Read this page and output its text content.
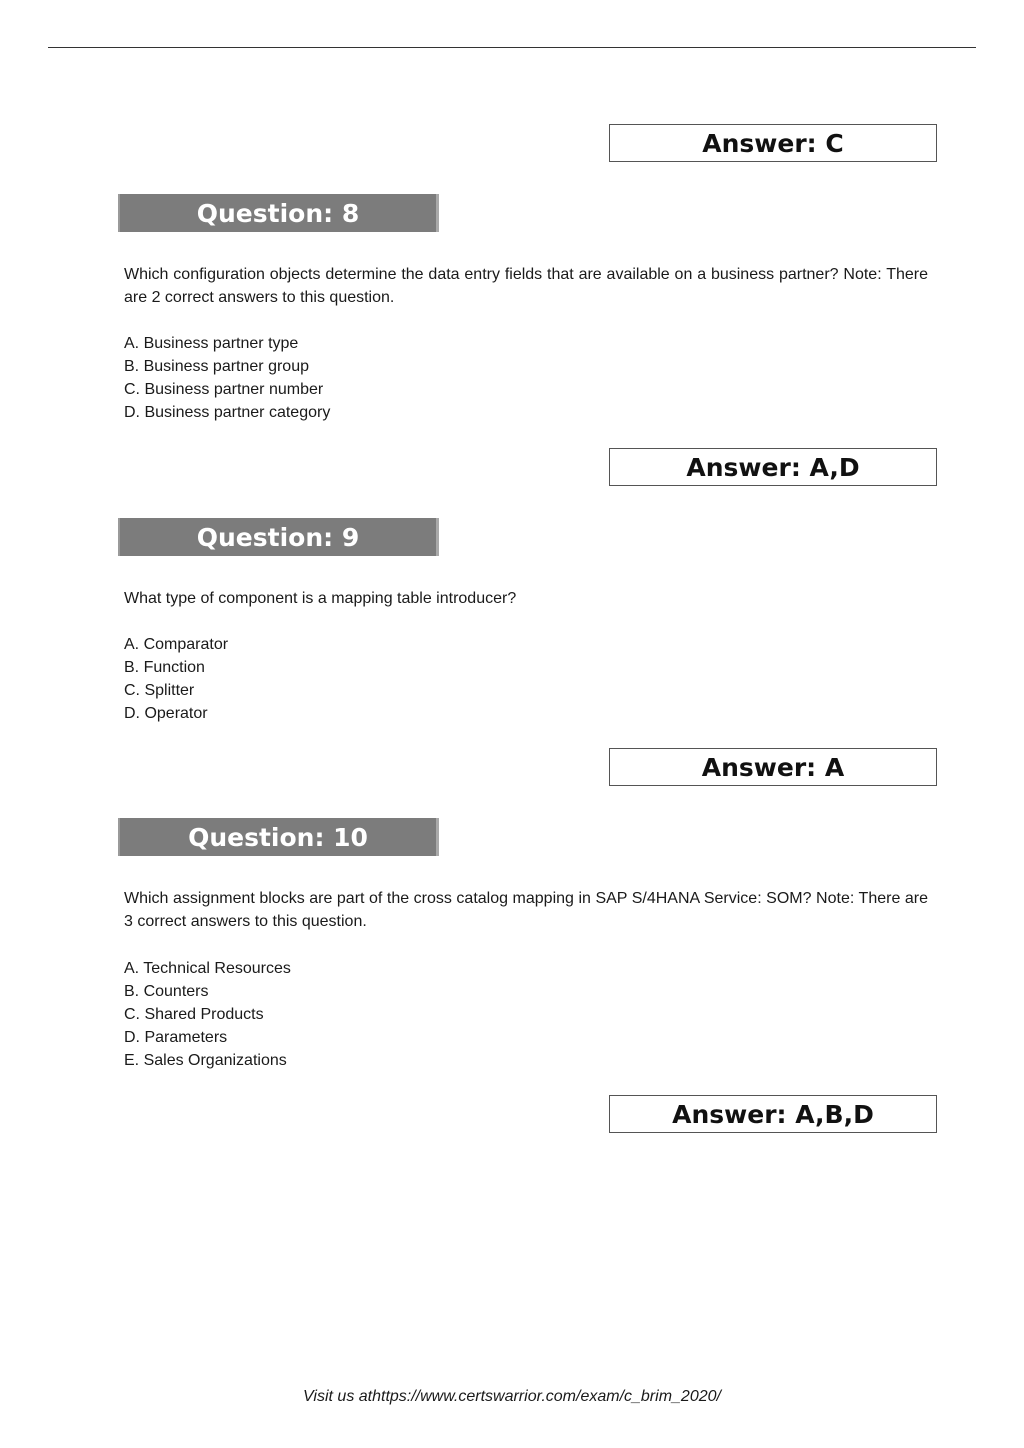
Answer: C
Question: 8
Which configuration objects determine the data entry fields that are available on a business partner? Note: There are 2 correct answers to this question.
A. Business partner type
B. Business partner group
C. Business partner number
D. Business partner category
Answer: A,D
Question: 9
What type of component is a mapping table introducer?
A. Comparator
B. Function
C. Splitter
D. Operator
Answer: A
Question: 10
Which assignment blocks are part of the cross catalog mapping in SAP S/4HANA Service: SOM? Note: There are 3 correct answers to this question.
A. Technical Resources
B. Counters
C. Shared Products
D. Parameters
E. Sales Organizations
Answer: A,B,D
Visit us athttps://www.certswarrior.com/exam/c_brim_2020/
